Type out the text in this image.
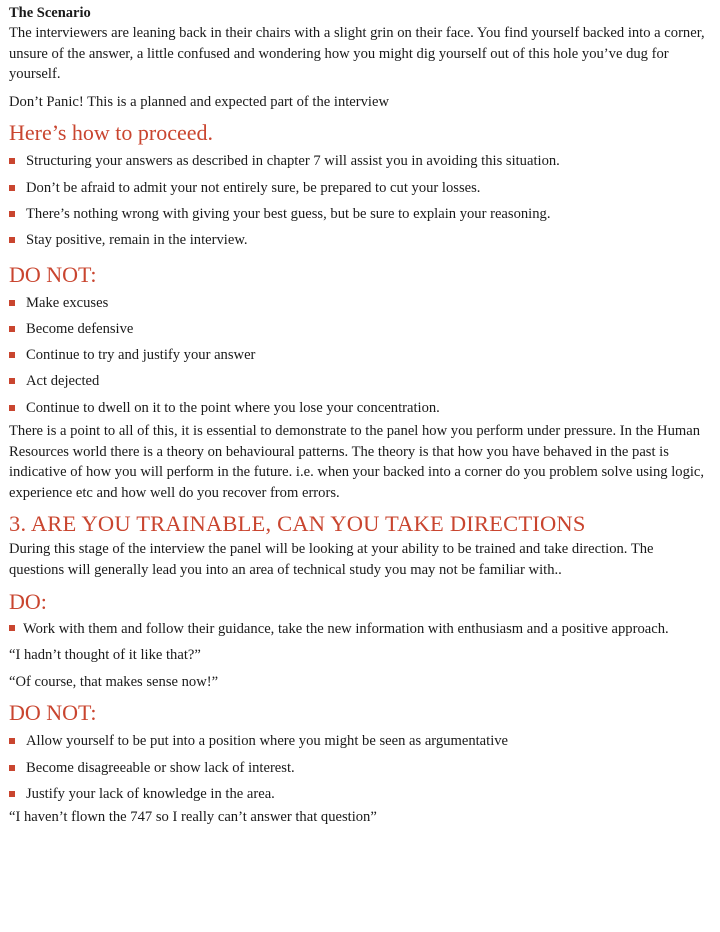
The Scenario

The interviewers are leaning back in their chairs with a slight grin on their face. You find yourself backed into a corner, unsure of the answer, a little confused and wondering how you might dig yourself out of this hole you’ve dug for yourself.

Don’t Panic! This is a planned and expected part of the interview

Here’s how to proceed.
Structuring your answers as described in chapter 7 will assist you in avoiding this situation.
Don’t be afraid to admit your not entirely sure, be prepared to cut your losses.
There’s nothing wrong with giving your best guess, but be sure to explain your reasoning.
Stay positive, remain in the interview.
DO NOT:
Make excuses
Become defensive
Continue to try and justify your answer
Act dejected
Continue to dwell on it to the point where you lose your concentration.

There is a point to all of this, it is essential to demonstrate to the panel how you perform under pressure. In the Human Resources world there is a theory on behavioural patterns. The theory is that how you have behaved in the past is indicative of how you will perform in the future. i.e. when your backed into a corner do you problem solve using logic, experience etc and how well do you recover from errors.

3. ARE YOU TRAINABLE, CAN YOU TAKE DIRECTIONS

During this stage of the interview the panel will be looking at your ability to be trained and take direction. The questions will generally lead you into an area of technical study you may not be familiar with..

DO:

Work with them and follow their guidance, take the new information with enthusiasm and a positive approach.

“I hadn’t thought of it like that?”

“Of course, that makes sense now!”

DO NOT:
Allow yourself to be put into a position where you might be seen as argumentative
Become disagreeable or show lack of interest.
Justify your lack of knowledge in the area.

“I haven’t flown the 747 so I really can’t answer that question”
